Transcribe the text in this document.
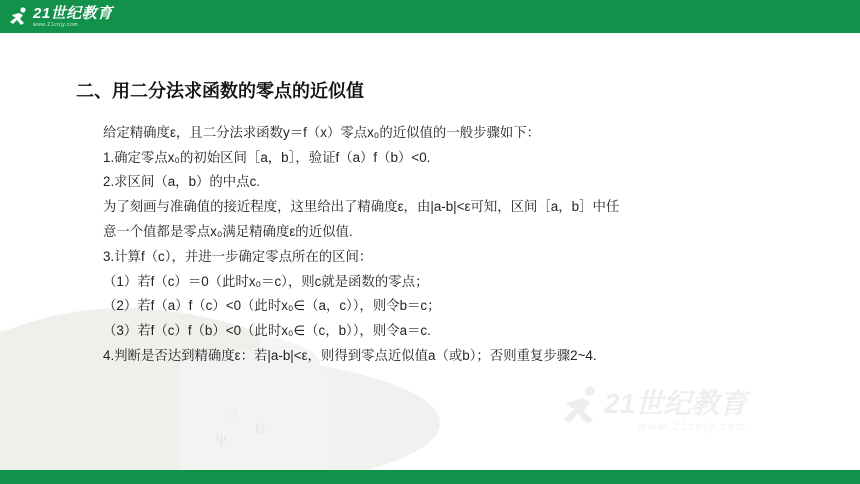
ψ e
∂
21世纪教育
www.21cnjy.com
二、用二分法求函数的零点的近似值
给定精确度ε，且二分法求函数y＝f（x）零点x₀的近似值的一般步骤如下：
1.确定零点x₀的初始区间［a，b］，验证f（a）f（b）<0.
2.求区间（a，b）的中点c.
为了刻画与准确值的接近程度，这里给出了精确度ε，由|a-b|<ε可知，区间［a，b］中任
意一个值都是零点x₀满足精确度ε的近似值.
3.计算f（c），并进一步确定零点所在的区间：
（1）若f（c）＝0（此时x₀＝c），则c就是函数的零点；
（2）若f（a）f（c）<0（此时x₀∈（a，c）），则令b＝c；
（3）若f（c）f（b）<0（此时x₀∈（c，b）），则令a＝c.
4.判断是否达到精确度ε：若|a-b|<ε，则得到零点近似值a（或b）；否则重复步骤2~4.
21世纪教育
www.21cnjy.com
